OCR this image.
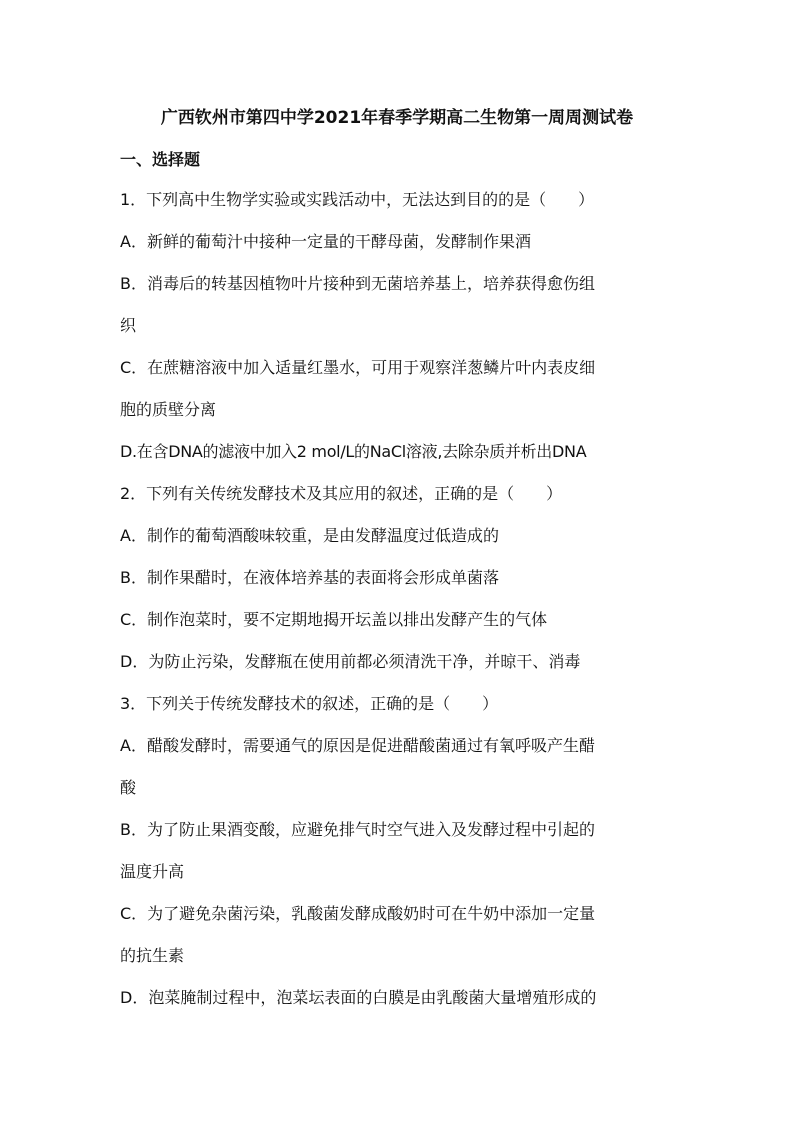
广西钦州市第四中学2021年春季学期高二生物第一周周测试卷
一、选择题
1．下列高中生物学实验或实践活动中，无法达到目的的是（　　）
A．新鲜的葡萄汁中接种一定量的干酵母菌，发酵制作果酒
B．消毒后的转基因植物叶片接种到无菌培养基上，培养获得愈伤组
织
C．在蔗糖溶液中加入适量红墨水，可用于观察洋葱鳞片叶内表皮细
胞的质壁分离
D.在含DNA的滤液中加入2 mol/L的NaCl溶液,去除杂质并析出DNA
2．下列有关传统发酵技术及其应用的叙述，正确的是（　　）
A．制作的葡萄酒酸味较重，是由发酵温度过低造成的
B．制作果醋时，在液体培养基的表面将会形成单菌落
C．制作泡菜时，要不定期地揭开坛盖以排出发酵产生的气体
D．为防止污染，发酵瓶在使用前都必须清洗干净，并晾干、消毒
3．下列关于传统发酵技术的叙述，正确的是（　　）
A．醋酸发酵时，需要通气的原因是促进醋酸菌通过有氧呼吸产生醋
酸
B．为了防止果酒变酸，应避免排气时空气进入及发酵过程中引起的
温度升高
C．为了避免杂菌污染，乳酸菌发酵成酸奶时可在牛奶中添加一定量
的抗生素
D．泡菜腌制过程中，泡菜坛表面的白膜是由乳酸菌大量增殖形成的
